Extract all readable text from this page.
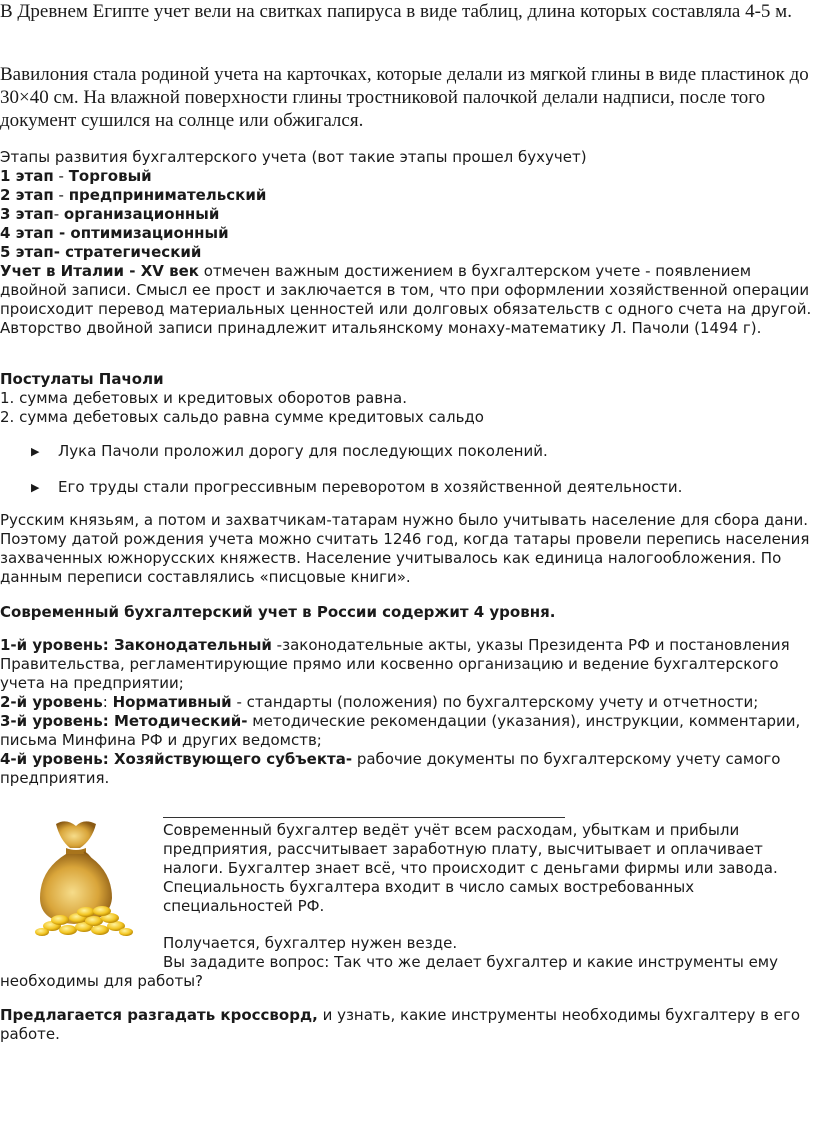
В Древнем Египте учет вели на свитках папируса в виде таблиц, длина которых составляла 4-5 м.

Вавилония стала родиной учета на карточках, которые делали из мягкой глины в виде пластинок до 30×40 см. На влажной поверхности глины тростниковой палочкой делали надписи, после того документ сушился на солнце или обжигался.

Этапы развития бухгалтерского учета (вот такие этапы прошел бухучет)

1 этап - Торговый
2 этап - предпринимательский
3 этап- организационный
4 этап - оптимизационный
5 этап- стратегический

Учет в Италии - XV век отмечен важным достижением в бухгалтерском учете - появлением двойной записи. Смысл ее прост и заключается в том, что при оформлении хозяйственной операции происходит перевод материальных ценностей или долговых обязательств с одного счета на другой. Авторство двойной записи принадлежит итальянскому монаху-математику Л. Пачоли (1494 г).

Постулаты Пачоли

1. сумма дебетовых и кредитовых оборотов равна.

2. сумма дебетовых сальдо равна сумме кредитовых сальдо

▶	Лука Пачоли проложил дорогу для последующих поколений.
▶	Его труды стали прогрессивным переворотом в хозяйственной деятельности.

Русским князьям, а потом и захватчикам-татарам нужно было учитывать население для сбора дани. Поэтому датой рождения учета можно считать 1246 год, когда татары провели перепись населения захваченных южнорусских княжеств. Население учитывалось как единица налогообложения. По данным переписи составлялись «писцовые книги».

Современный бухгалтерский учет в России содержит 4 уровня.

1-й уровень: Законодательный -законодательные акты, указы Президента РФ и постановления Правительства, регламентирующие прямо или косвенно организацию и ведение бухгалтерского учета на предприятии;

2-й уровень: Нормативный - стандарты (положения) по бухгалтерскому учету и отчетности;

3-й уровень: Методический- методические рекомендации (указания), инструкции, комментарии, письма Минфина РФ и других ведомств;

4-й уровень: Хозяйствующего субъекта- рабочие документы по бухгалтерскому учету самого предприятия.

Современный бухгалтер ведёт учёт всем расходам, убыткам и прибыли предприятия, рассчитывает заработную плату, высчитывает и оплачивает налоги. Бухгалтер знает всё, что происходит с деньгами фирмы или завода. Специальность бухгалтера входит в число самых востребованных специальностей РФ.

Получается, бухгалтер нужен везде.

Вы зададите вопрос: Так что же делает бухгалтер и какие инструменты ему необходимы для работы?

Предлагается разгадать кроссворд, и узнать, какие инструменты необходимы бухгалтеру в его работе.
